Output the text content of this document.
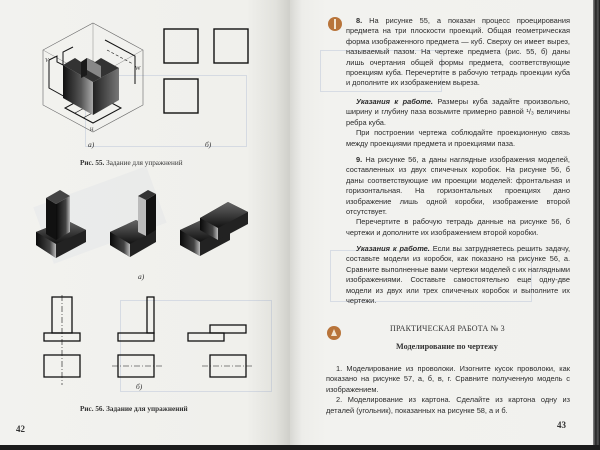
V
W
H
а)	б)
Рис. 55. Задание для упражнений
а)
б)
Рис. 56. Задание для упражнений
42

8. На рисунке 55, а показан процесс проецирования предмета на три плоскости проекций. Общая геометрическая форма изображенного предмета — куб. Сверху он имеет вырез, называемый пазом. На чертеже предмета (рис. 55, б) даны лишь очертания общей формы предмета, соответствующие проекциям куба. Перечертите в рабочую тетрадь проекции куба и дополните их изображением выреза.

Указания к работе. Размеры куба задайте произвольно, ширину и глубину паза возьмите примерно равной ¹/₃ величины ребра куба.

При построении чертежа соблюдайте проекционную связь между проекциями предмета и проекциями паза.

9. На рисунке 56, а даны наглядные изображения моделей, составленных из двух спичечных коробок. На рисунке 56, б даны соответствующие им проекции моделей: фронтальная и горизонтальная. На горизонтальных проекциях дано изображение лишь одной коробки, изображение второй отсутствует.

Перечертите в рабочую тетрадь данные на рисунке 56, б чертежи и дополните их изображением второй коробки.

Указания к работе. Если вы затрудняетесь решить задачу, составьте модели из коробок, как показано на рисунке 56, а. Сравните выполненные вами чертежи моделей с их наглядными изображениями. Составьте самостоятельно еще одну-две модели из двух или трех спичечных коробок и выполните их чертежи.

ПРАКТИЧЕСКАЯ РАБОТА № 3
Моделирование по чертежу

1. Моделирование из проволоки. Изогните кусок проволоки, как показано на рисунке 57, а, б, в, г. Сравните полученную модель с изображением.

2. Моделирование из картона. Сделайте из картона одну из деталей (угольник), показанных на рисунке 58, а и б.

43
